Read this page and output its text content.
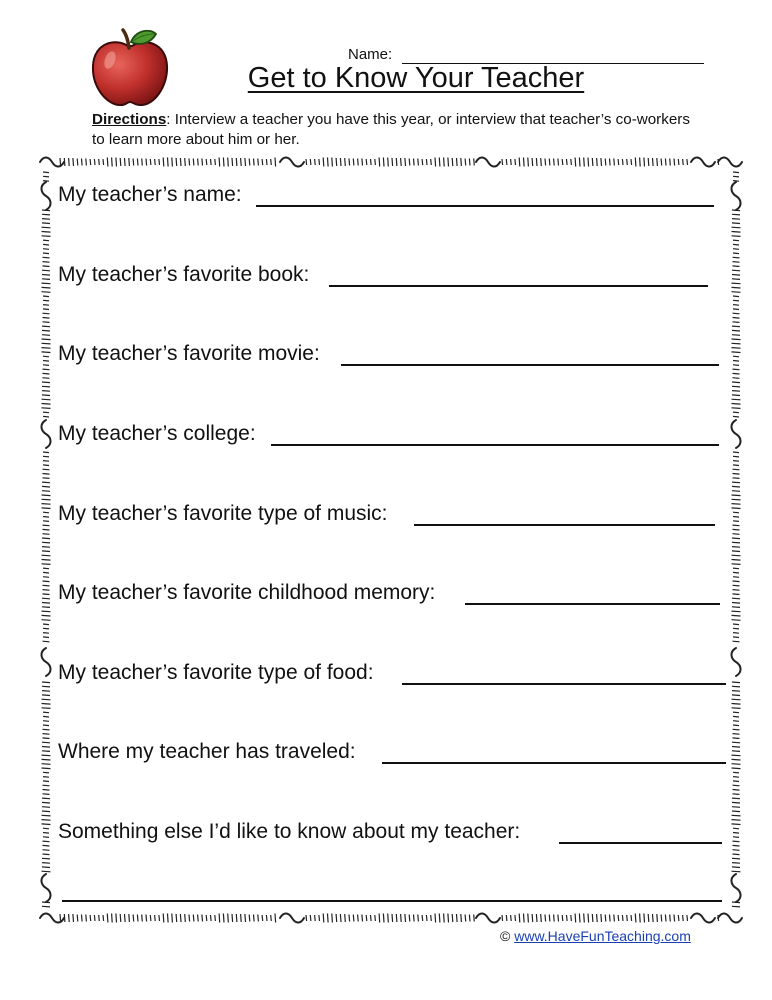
Name:
Get to Know Your Teacher
Directions: Interview a teacher you have this year, or interview that teacher’s co-workers to learn more about him or her.
My teacher’s name:
My teacher’s favorite book:
My teacher’s favorite movie:
My teacher’s college:
My teacher’s favorite type of music:
My teacher’s favorite childhood memory:
My teacher’s favorite type of food:
Where my teacher has traveled:
Something else I’d like to know about my teacher:
© www.HaveFunTeaching.com
